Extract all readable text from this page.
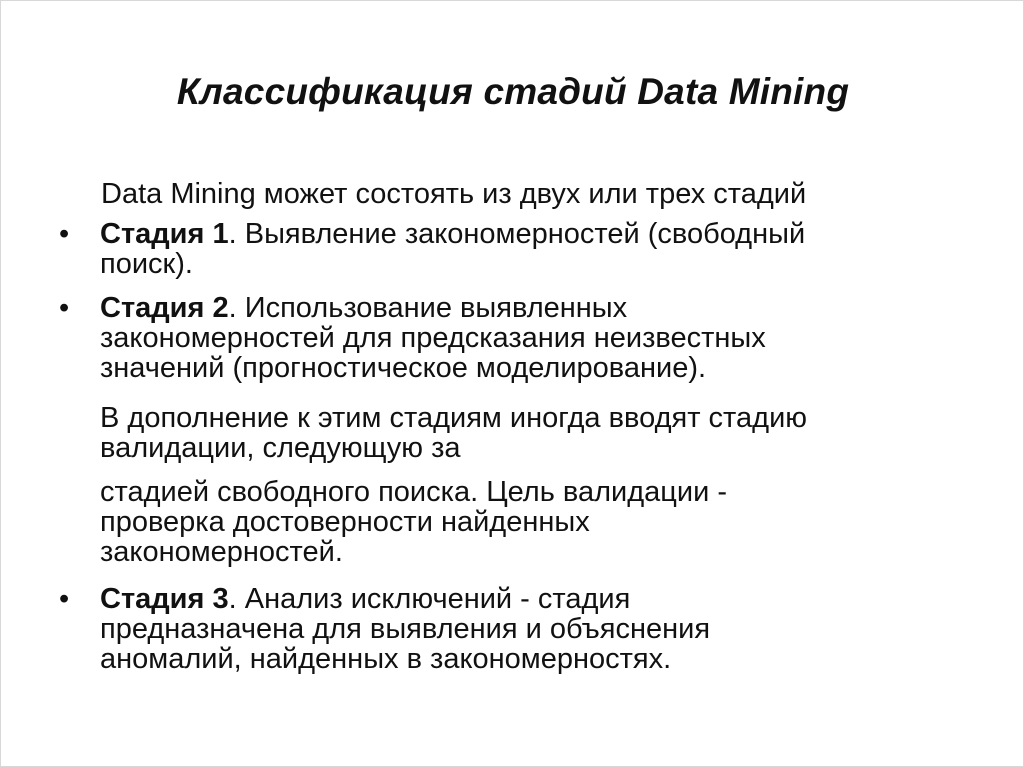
Классификация стадий Data Mining
Data Mining может состоять из двух или трех стадий
• Стадия 1. Выявление закономерностей (свободный
поиск).
• Стадия 2. Использование выявленных
закономерностей для предсказания неизвестных
значений (прогностическое моделирование).
В дополнение к этим стадиям иногда вводят стадию
валидации, следующую за
стадией свободного поиска. Цель валидации -
проверка достоверности найденных
закономерностей.
• Стадия 3. Анализ исключений - стадия
предназначена для выявления и объяснения
аномалий, найденных в закономерностях.
